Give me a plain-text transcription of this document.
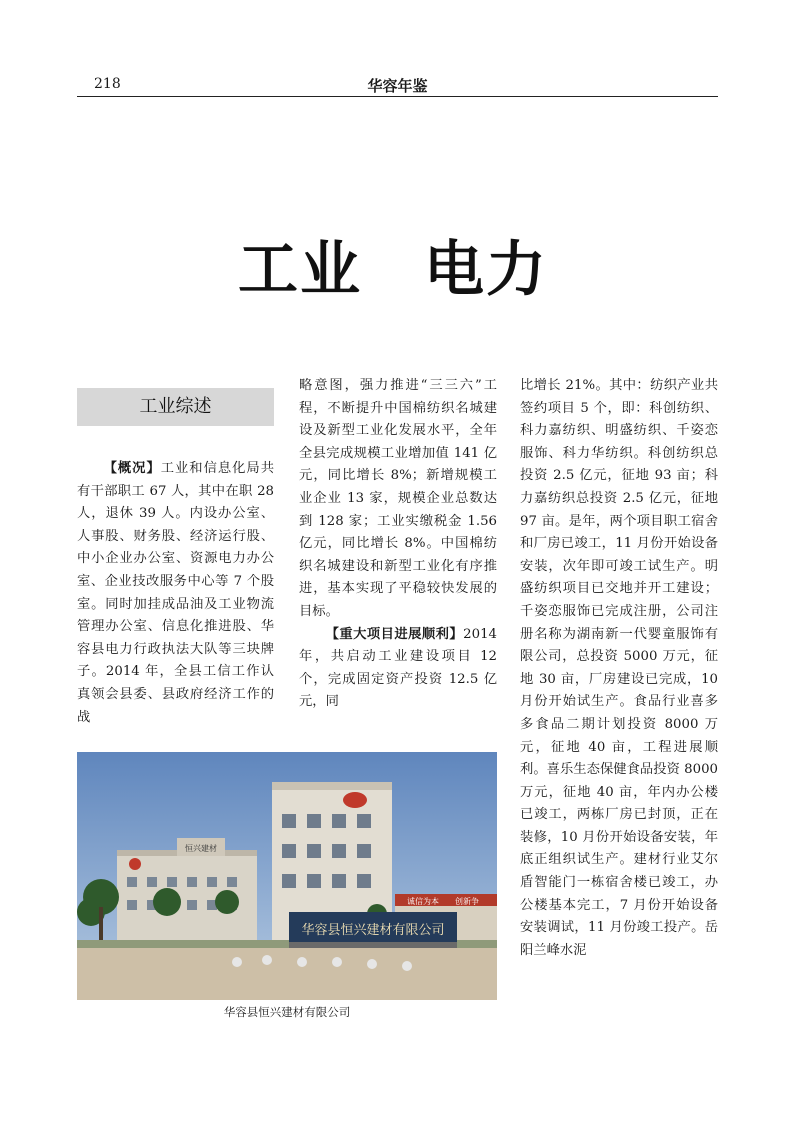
218	华容年鉴
工业　电力
工业综述

【概况】工业和信息化局共有干部职工 67 人，其中在职 28 人，退休 39 人。内设办公室、人事股、财务股、经济运行股、中小企业办公室、资源电力办公室、企业技改服务中心等 7 个股室。同时加挂成品油及工业物流管理办公室、信息化推进股、华容县电力行政执法大队等三块牌子。2014 年，全县工信工作认真领会县委、县政府经济工作的战

略意图，强力推进“三三六”工程，不断提升中国棉纺织名城建设及新型工业化发展水平，全年全县完成规模工业增加值 141 亿元，同比增长 8%；新增规模工业企业 13 家，规模企业总数达到 128 家；工业实缴税金 1.56 亿元，同比增长 8%。中国棉纺织名城建设和新型工业化有序推进，基本实现了平稳较快发展的目标。

【重大项目进展顺利】2014 年，共启动工业建设项目 12 个，完成固定资产投资 12.5 亿元，同

比增长 21%。其中：纺织产业共签约项目 5 个，即：科创纺织、科力嘉纺织、明盛纺织、千姿恋服饰、科力华纺织。科创纺织总投资 2.5 亿元，征地 93 亩；科力嘉纺织总投资 2.5 亿元，征地 97 亩。是年，两个项目职工宿舍和厂房已竣工，11 月份开始设备安装，次年即可竣工试生产。明盛纺织项目已交地并开工建设；千姿恋服饰已完成注册，公司注册名称为湖南新一代婴童服饰有限公司，总投资 5000 万元，征地 30 亩，厂房建设已完成，10 月份开始试生产。食品行业喜多多食品二期计划投资 8000 万元，征地 40 亩，工程进展顺利。喜乐生态保健食品投资 8000 万元，征地 40 亩，年内办公楼已竣工，两栋厂房已封顶，正在装修，10 月份开始设备安装，年底正组织试生产。建材行业艾尔盾智能门一栋宿舍楼已竣工，办公楼基本完工，7 月份开始设备安装调试，11 月份竣工投产。岳阳兰峰水泥

华容县恒兴建材有限公司
诚信为本 创新争
恒兴建材
华容县恒兴建材有限公司
